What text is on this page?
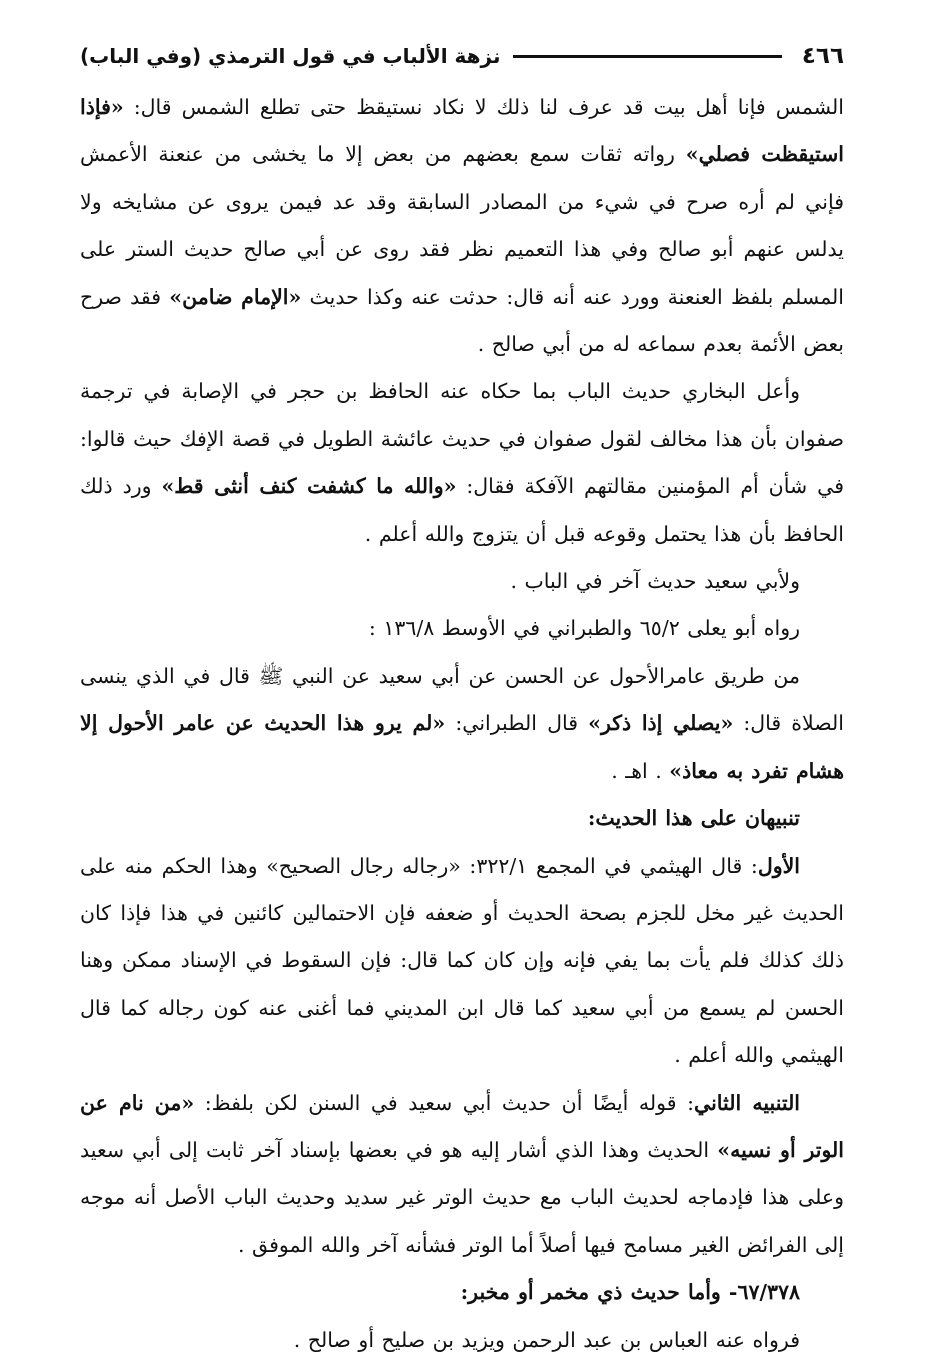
٤٦٦
نزهة الألباب في قول الترمذي (وفي الباب)

الشمس فإنا أهل بيت قد عرف لنا ذلك لا نكاد نستيقظ حتى تطلع الشمس قال: «فإذا استيقظت فصلي» رواته ثقات سمع بعضهم من بعض إلا ما يخشى من عنعنة الأعمش فإني لم أره صرح في شيء من المصادر السابقة وقد عد فيمن يروى عن مشايخه ولا يدلس عنهم أبو صالح وفي هذا التعميم نظر فقد روى عن أبي صالح حديث الستر على المسلم بلفظ العنعنة وورد عنه أنه قال: حدثت عنه وكذا حديث «الإمام ضامن» فقد صرح بعض الأئمة بعدم سماعه له من أبي صالح .

وأعل البخاري حديث الباب بما حكاه عنه الحافظ بن حجر في الإصابة في ترجمة صفوان بأن هذا مخالف لقول صفوان في حديث عائشة الطويل في قصة الإفك حيث قالوا: في شأن أم المؤمنين مقالتهم الآفكة فقال: «والله ما كشفت كنف أنثى قط» ورد ذلك الحافظ بأن هذا يحتمل وقوعه قبل أن يتزوج والله أعلم .

ولأبي سعيد حديث آخر في الباب .

رواه أبو يعلى ٦٥/٢ والطبراني في الأوسط ١٣٦/٨ :

من طريق عامرالأحول عن الحسن عن أبي سعيد عن النبي ﷺ قال في الذي ينسى الصلاة قال: «يصلي إذا ذكر» قال الطبراني: «لم يرو هذا الحديث عن عامر الأحول إلا هشام تفرد به معاذ» . اهـ .

تنبيهان على هذا الحديث:

الأول: قال الهيثمي في المجمع ٣٢٢/١: «رجاله رجال الصحيح» وهذا الحكم منه على الحديث غير مخل للجزم بصحة الحديث أو ضعفه فإن الاحتمالين كائنين في هذا فإذا كان ذلك كذلك فلم يأت بما يفي فإنه وإن كان كما قال: فإن السقوط في الإسناد ممكن وهنا الحسن لم يسمع من أبي سعيد كما قال ابن المديني فما أغنى عنه كون رجاله كما قال الهيثمي والله أعلم .

التنبيه الثاني: قوله أيضًا أن حديث أبي سعيد في السنن لكن بلفظ: «من نام عن الوتر أو نسيه» الحديث وهذا الذي أشار إليه هو في بعضها بإسناد آخر ثابت إلى أبي سعيد وعلى هذا فإدماجه لحديث الباب مع حديث الوتر غير سديد وحديث الباب الأصل أنه موجه إلى الفرائض الغير مسامح فيها أصلاً أما الوتر فشأنه آخر والله الموفق .

٦٧/٣٧٨- وأما حديث ذي مخمر أو مخبر:

فرواه عنه العباس بن عبد الرحمن ويزيد بن صليح أو صالح .
